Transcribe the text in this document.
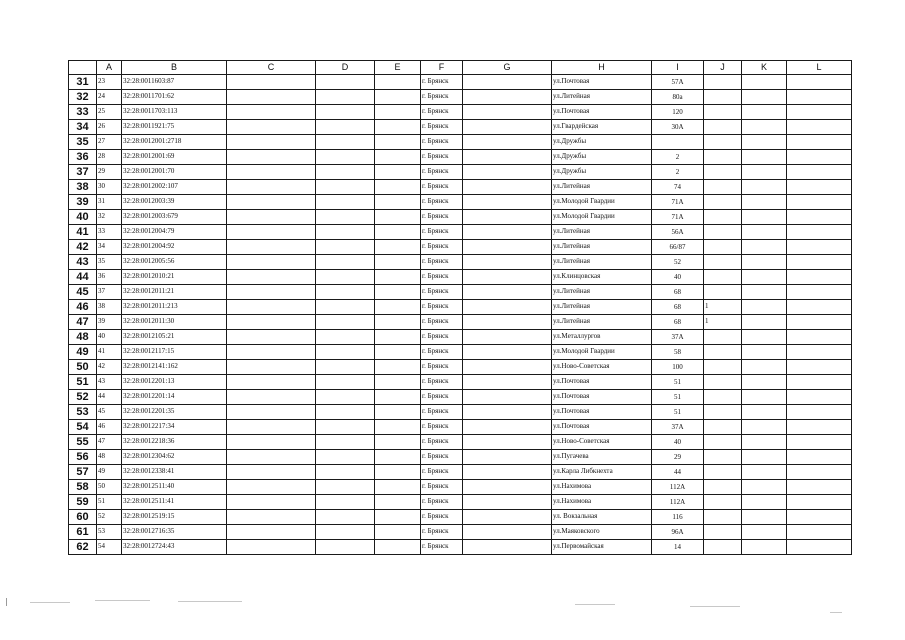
	A	B	C	D	E	F	G	H	I	J	K	L
31	23	32:28:0011603:87				г. Брянск		ул.Почтовая	57А			
32	24	32:28:0011701:62				г. Брянск		ул.Литейная	80а			
33	25	32:28:0011703:113				г. Брянск		ул.Почтовая	120			
34	26	32:28:0011921:75				г. Брянск		ул.Гвардейская	30А			
35	27	32:28:0012001:2718				г. Брянск		ул.Дружбы				
36	28	32:28:0012001:69				г. Брянск		ул.Дружбы	2			
37	29	32:28:0012001:70				г. Брянск		ул.Дружбы	2			
38	30	32:28:0012002:107				г. Брянск		ул.Литейная	74			
39	31	32:28:0012003:39				г. Брянск		ул.Молодой Гвардии	71А			
40	32	32:28:0012003:679				г. Брянск		ул.Молодой Гвардии	71А			
41	33	32:28:0012004:79				г. Брянск		ул.Литейная	56А			
42	34	32:28:0012004:92				г. Брянск		ул.Литейная	66/87			
43	35	32:28:0012005:56				г. Брянск		ул.Литейная	52			
44	36	32:28:0012010:21				г. Брянск		ул.Клинцовская	40			
45	37	32:28:0012011:21				г. Брянск		ул.Литейная	68			
46	38	32:28:0012011:213				г. Брянск		ул.Литейная	68	1		
47	39	32:28:0012011:30				г. Брянск		ул.Литейная	68	1		
48	40	32:28:0012105:21				г. Брянск		ул.Металлургов	37А			
49	41	32:28:0012117:15				г. Брянск		ул.Молодой Гвардии	58			
50	42	32:28:0012141:162				г. Брянск		ул.Ново-Советская	100			
51	43	32:28:0012201:13				г. Брянск		ул.Почтовая	51			
52	44	32:28:0012201:14				г. Брянск		ул.Почтовая	51			
53	45	32:28:0012201:35				г. Брянск		ул.Почтовая	51			
54	46	32:28:0012217:34				г. Брянск		ул.Почтовая	37А			
55	47	32:28:0012218:36				г. Брянск		ул.Ново-Советская	40			
56	48	32:28:0012304:62				г. Брянск		ул.Пугачева	29			
57	49	32:28:0012338:41				г. Брянск		ул.Карла Либкнехта	44			
58	50	32:28:0012511:40				г. Брянск		ул.Нахимова	112А			
59	51	32:28:0012511:41				г. Брянск		ул.Нахимова	112А			
60	52	32:28:0012519:15				г. Брянск		ул. Вокзальная	116			
61	53	32:28:0012716:35				г. Брянск		ул.Маяковского	96А			
62	54	32:28:0012724:43				г. Брянск		ул.Первомайская	14			
